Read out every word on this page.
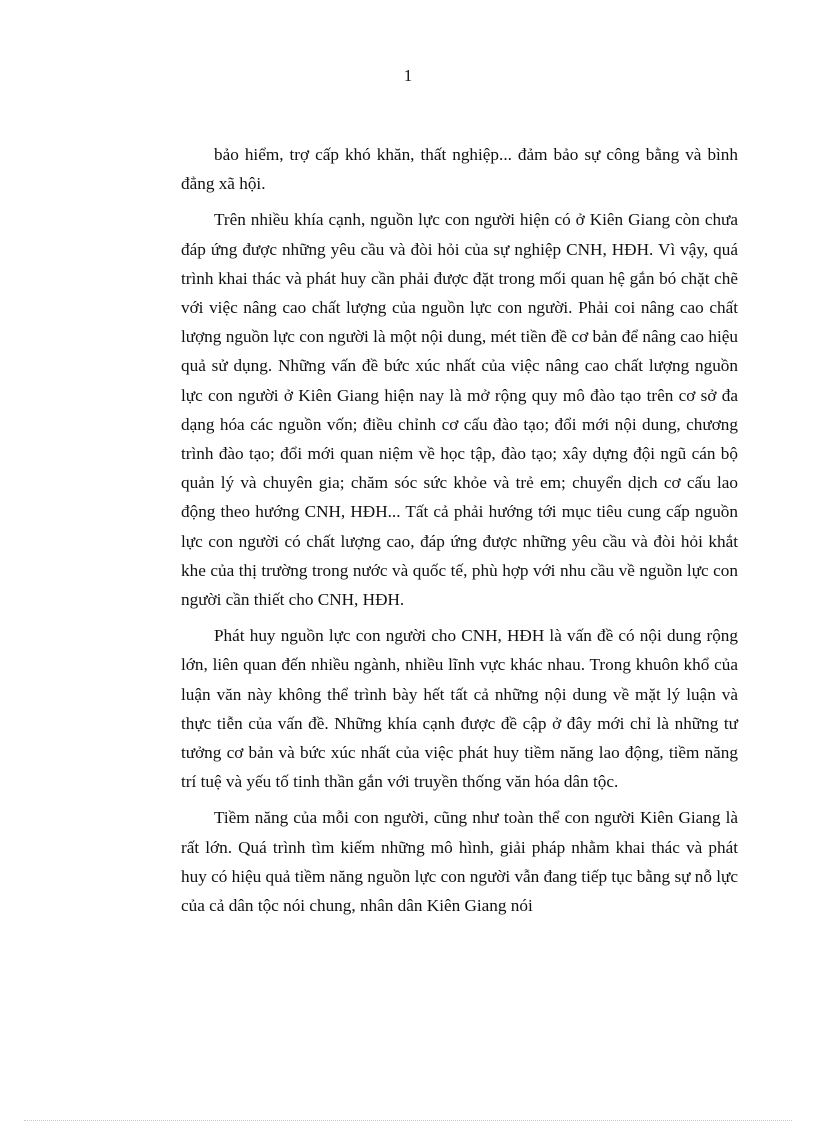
1

bảo hiểm, trợ cấp khó khăn, thất nghiệp... đảm bảo sự công bằng và bình đẳng xã hội.

Trên nhiều khía cạnh, nguồn lực con người hiện có ở Kiên Giang còn chưa đáp ứng được những yêu cầu và đòi hỏi của sự nghiệp CNH, HĐH. Vì vậy, quá trình khai thác và phát huy cần phải được đặt trong mối quan hệ gắn bó chặt chẽ với việc nâng cao chất lượng của nguồn lực con người. Phải coi nâng cao chất lượng nguồn lực con người là một nội dung, mét tiền đề cơ bản để nâng cao hiệu quả sử dụng. Những vấn đề bức xúc nhất của việc nâng cao chất lượng nguồn lực con người ở Kiên Giang hiện nay là mở rộng quy mô đào tạo trên cơ sở đa dạng hóa các nguồn vốn; điều chỉnh cơ cấu đào tạo; đổi mới nội dung, chương trình đào tạo; đổi mới quan niệm về học tập, đào tạo; xây dựng đội ngũ cán bộ quản lý và chuyên gia; chăm sóc sức khỏe và trẻ em; chuyển dịch cơ cấu lao động theo hướng CNH, HĐH... Tất cả phải hướng tới mục tiêu cung cấp nguồn lực con người có chất lượng cao, đáp ứng được những yêu cầu và đòi hỏi khắt khe của thị trường trong nước và quốc tế, phù hợp với nhu cầu về nguồn lực con người cần thiết cho CNH, HĐH.

Phát huy nguồn lực con người cho CNH, HĐH là vấn đề có nội dung rộng lớn, liên quan đến nhiều ngành, nhiều lĩnh vực khác nhau. Trong khuôn khổ của luận văn này không thể trình bày hết tất cả những nội dung về mặt lý luận và thực tiễn của vấn đề. Những khía cạnh được đề cập ở đây mới chỉ là những tư tưởng cơ bản và bức xúc nhất của việc phát huy tiềm năng lao động, tiềm năng trí tuệ và yếu tố tinh thần gắn với truyền thống văn hóa dân tộc.

Tiềm năng của mỗi con người, cũng như toàn thể con người Kiên Giang là rất lớn. Quá trình tìm kiếm những mô hình, giải pháp nhằm khai thác và phát huy có hiệu quả tiềm năng nguồn lực con người vẫn đang tiếp tục bằng sự nỗ lực của cả dân tộc nói chung, nhân dân Kiên Giang nói
